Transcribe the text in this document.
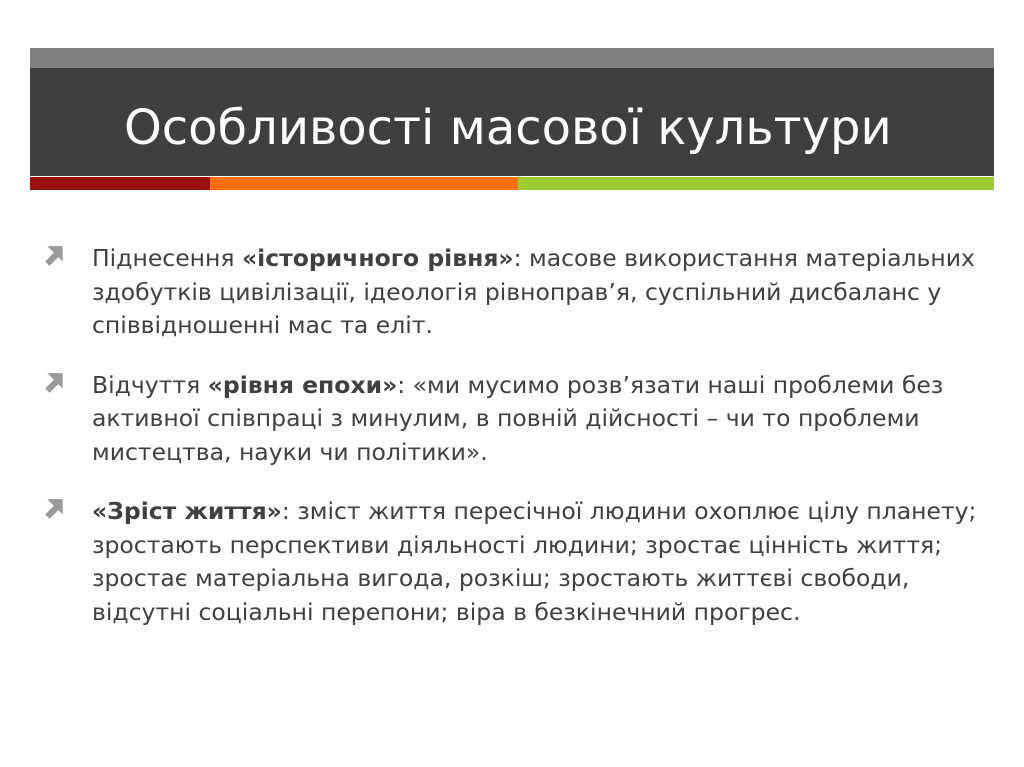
Особливості масової культури
Піднесення «історичного рівня»: масове використання матеріальних здобутків цивілізації, ідеологія рівноправ’я, суспільний дисбаланс у співвідношенні мас та еліт.
Відчуття «рівня епохи»: «ми мусимо розв’язати наші проблеми без активної співпраці з минулим, в повній дійсності – чи то проблеми мистецтва, науки чи політики».
«Зріст життя»: зміст життя пересічної людини охоплює цілу планету; зростають перспективи діяльності людини; зростає цінність життя; зростає матеріальна вигода, розкіш; зростають життєві свободи, відсутні соціальні перепони; віра в безкінечний прогрес.
